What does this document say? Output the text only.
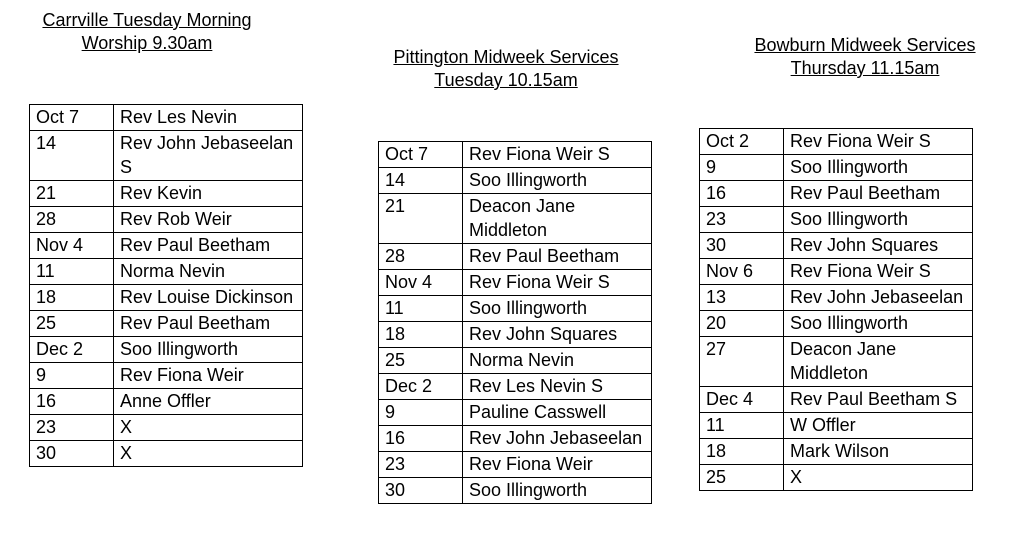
Carrville Tuesday Morning
Worship 9.30am
Oct 7	Rev Les Nevin
14	Rev John Jebaseelan S
21	Rev Kevin
28	Rev Rob Weir
Nov 4	Rev Paul Beetham
11	Norma Nevin
18	Rev Louise Dickinson
25	Rev Paul Beetham
Dec 2	Soo Illingworth
9	Rev Fiona Weir
16	Anne Offler
23	X
30	X
Pittington Midweek Services
Tuesday 10.15am
Oct 7	Rev Fiona Weir S
14	Soo Illingworth
21	Deacon Jane Middleton
28	Rev Paul Beetham
Nov 4	Rev Fiona Weir S
11	Soo Illingworth
18	Rev John Squares
25	Norma Nevin
Dec 2	Rev Les Nevin S
9	Pauline Casswell
16	Rev John Jebaseelan
23	Rev Fiona Weir
30	Soo Illingworth
Bowburn Midweek Services
Thursday 11.15am
Oct 2	Rev Fiona Weir S
9	Soo Illingworth
16	Rev Paul Beetham
23	Soo Illingworth
30	Rev John Squares
Nov 6	Rev Fiona Weir S
13	Rev John Jebaseelan
20	Soo Illingworth
27	Deacon Jane Middleton
Dec 4	Rev Paul Beetham S
11	W Offler
18	Mark Wilson
25	X
